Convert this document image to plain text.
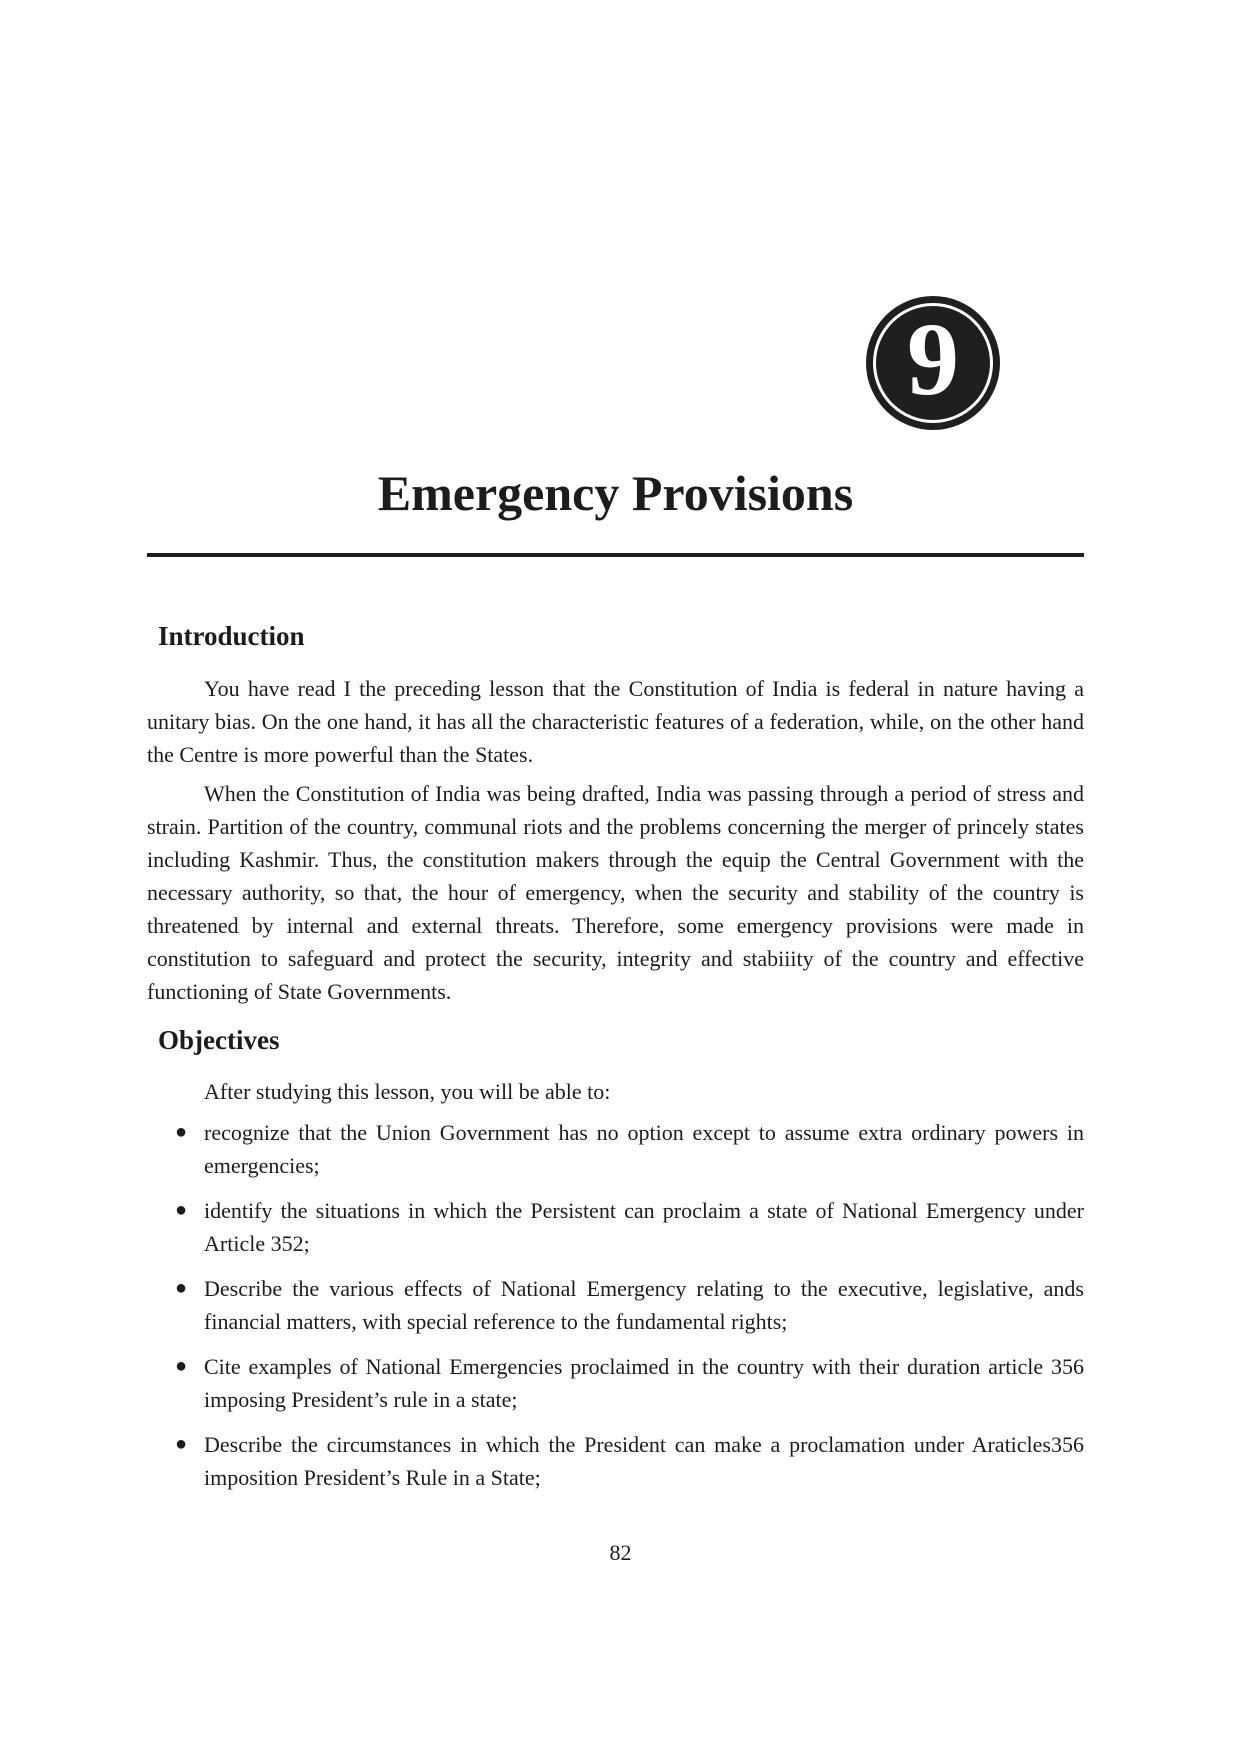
9
Emergency Provisions
Introduction

You have read I the preceding lesson that the Constitution of India is federal in nature having a unitary bias. On the one hand, it has all the characteristic features of a federation, while, on the other hand the Centre is more powerful than the States.

When the Constitution of India was being drafted, India was passing through a period of stress and strain. Partition of the country, communal riots and the problems concerning the merger of princely states including Kashmir. Thus, the constitution makers through the equip the Central Government with the necessary authority, so that, the hour of emergency, when the security and stability of the country is threatened by internal and external threats. Therefore, some emergency provisions were made in constitution to safeguard and protect the security, integrity and stabiiity of the country and effective functioning of State Governments.

Objectives

After studying this lesson, you will be able to:

● recognize that the Union Government has no option except to assume extra ordinary powers in emergencies;
● identify the situations in which the Persistent can proclaim a state of National Emergency under Article 352;
● Describe the various effects of National Emergency relating to the executive, legislative, ands financial matters, with special reference to the fundamental rights;
● Cite examples of National Emergencies proclaimed in the country with their duration article 356 imposing President’s rule in a state;
● Describe the circumstances in which the President can make a proclamation under Araticles356 imposition President’s Rule in a State;
82
